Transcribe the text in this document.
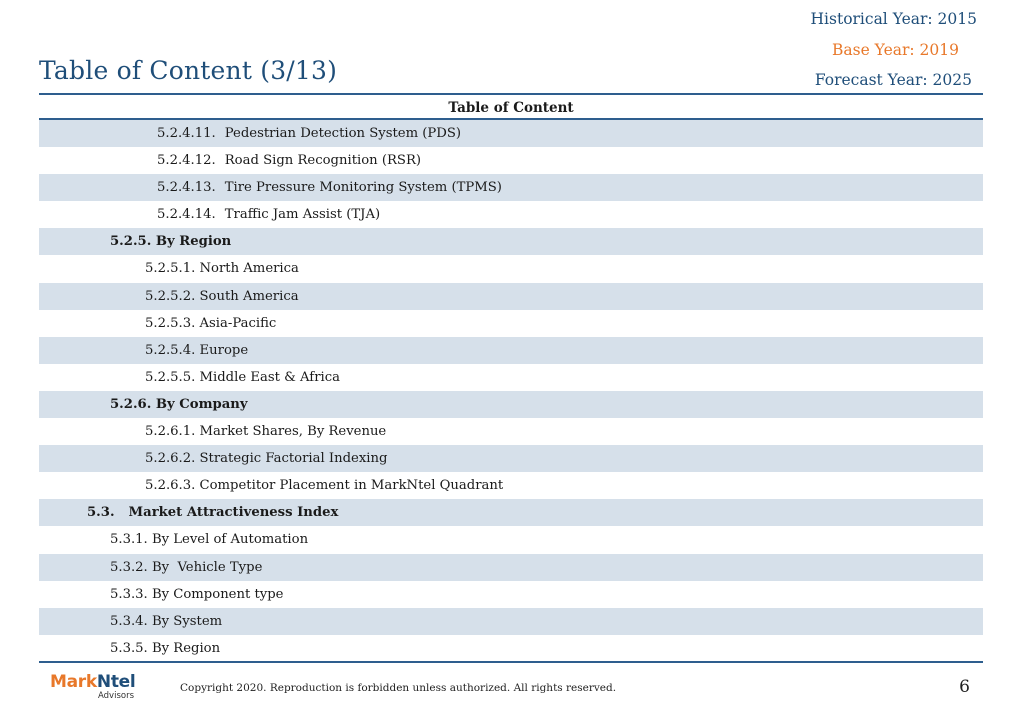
Historical Year: 2015
Base Year: 2019
Forecast Year: 2025
Table of Content (3/13)
Table of Content
5.2.4.11. Pedestrian Detection System (PDS)
5.2.4.12. Road Sign Recognition (RSR)
5.2.4.13. Tire Pressure Monitoring System (TPMS)
5.2.4.14. Traffic Jam Assist (TJA)
5.2.5. By Region
5.2.5.1. North America
5.2.5.2. South America
5.2.5.3. Asia-Pacific
5.2.5.4. Europe
5.2.5.5. Middle East & Africa
5.2.6. By Company
5.2.6.1. Market Shares, By Revenue
5.2.6.2. Strategic Factorial Indexing
5.2.6.3. Competitor Placement in MarkNtel Quadrant
5.3. Market Attractiveness Index
5.3.1. By Level of Automation
5.3.2. By  Vehicle Type
5.3.3. By Component type
5.3.4. By System
5.3.5. By Region
MarkNtel
Advisors
Copyright 2020. Reproduction is forbidden unless authorized. All rights reserved.	6
